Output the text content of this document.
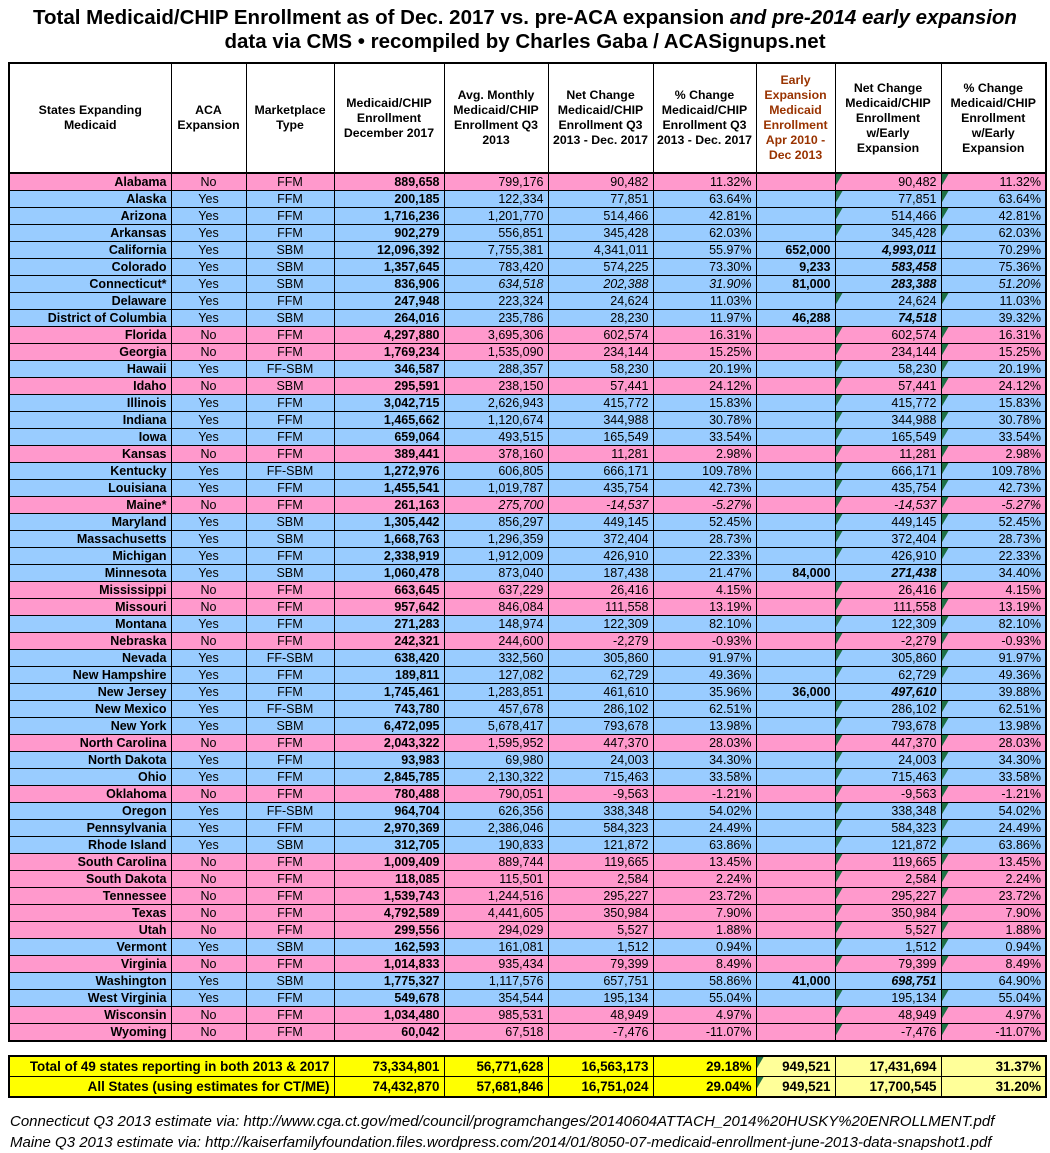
Total Medicaid/CHIP Enrollment as of Dec. 2017 vs. pre-ACA expansion and pre-2014 early expansion
data via CMS • recompiled by Charles Gaba / ACASignups.net
States Expanding Medicaid	ACA Expansion	Marketplace Type	Medicaid/CHIP Enrollment December 2017	Avg. Monthly Medicaid/CHIP Enrollment Q3 2013	Net Change Medicaid/CHIP Enrollment Q3 2013 - Dec. 2017	% Change Medicaid/CHIP Enrollment Q3 2013 - Dec. 2017	Early Expansion Medicaid Enrollment Apr 2010 - Dec 2013	Net Change Medicaid/CHIP Enrollment w/Early Expansion	% Change Medicaid/CHIP Enrollment w/Early Expansion
Alabama	No	FFM	889,658	799,176	90,482	11.32%		90,482	11.32%
Alaska	Yes	FFM	200,185	122,334	77,851	63.64%		77,851	63.64%
Arizona	Yes	FFM	1,716,236	1,201,770	514,466	42.81%		514,466	42.81%
Arkansas	Yes	FFM	902,279	556,851	345,428	62.03%		345,428	62.03%
California	Yes	SBM	12,096,392	7,755,381	4,341,011	55.97%	652,000	4,993,011	70.29%
Colorado	Yes	SBM	1,357,645	783,420	574,225	73.30%	9,233	583,458	75.36%
Connecticut*	Yes	SBM	836,906	634,518	202,388	31.90%	81,000	283,388	51.20%
Delaware	Yes	FFM	247,948	223,324	24,624	11.03%		24,624	11.03%
District of Columbia	Yes	SBM	264,016	235,786	28,230	11.97%	46,288	74,518	39.32%
Florida	No	FFM	4,297,880	3,695,306	602,574	16.31%		602,574	16.31%
Georgia	No	FFM	1,769,234	1,535,090	234,144	15.25%		234,144	15.25%
Hawaii	Yes	FF-SBM	346,587	288,357	58,230	20.19%		58,230	20.19%
Idaho	No	SBM	295,591	238,150	57,441	24.12%		57,441	24.12%
Illinois	Yes	FFM	3,042,715	2,626,943	415,772	15.83%		415,772	15.83%
Indiana	Yes	FFM	1,465,662	1,120,674	344,988	30.78%		344,988	30.78%
Iowa	Yes	FFM	659,064	493,515	165,549	33.54%		165,549	33.54%
Kansas	No	FFM	389,441	378,160	11,281	2.98%		11,281	2.98%
Kentucky	Yes	FF-SBM	1,272,976	606,805	666,171	109.78%		666,171	109.78%
Louisiana	Yes	FFM	1,455,541	1,019,787	435,754	42.73%		435,754	42.73%
Maine*	No	FFM	261,163	275,700	-14,537	-5.27%		-14,537	-5.27%
Maryland	Yes	SBM	1,305,442	856,297	449,145	52.45%		449,145	52.45%
Massachusetts	Yes	SBM	1,668,763	1,296,359	372,404	28.73%		372,404	28.73%
Michigan	Yes	FFM	2,338,919	1,912,009	426,910	22.33%		426,910	22.33%
Minnesota	Yes	SBM	1,060,478	873,040	187,438	21.47%	84,000	271,438	34.40%
Mississippi	No	FFM	663,645	637,229	26,416	4.15%		26,416	4.15%
Missouri	No	FFM	957,642	846,084	111,558	13.19%		111,558	13.19%
Montana	Yes	FFM	271,283	148,974	122,309	82.10%		122,309	82.10%
Nebraska	No	FFM	242,321	244,600	-2,279	-0.93%		-2,279	-0.93%
Nevada	Yes	FF-SBM	638,420	332,560	305,860	91.97%		305,860	91.97%
New Hampshire	Yes	FFM	189,811	127,082	62,729	49.36%		62,729	49.36%
New Jersey	Yes	FFM	1,745,461	1,283,851	461,610	35.96%	36,000	497,610	39.88%
New Mexico	Yes	FF-SBM	743,780	457,678	286,102	62.51%		286,102	62.51%
New York	Yes	SBM	6,472,095	5,678,417	793,678	13.98%		793,678	13.98%
North Carolina	No	FFM	2,043,322	1,595,952	447,370	28.03%		447,370	28.03%
North Dakota	Yes	FFM	93,983	69,980	24,003	34.30%		24,003	34.30%
Ohio	Yes	FFM	2,845,785	2,130,322	715,463	33.58%		715,463	33.58%
Oklahoma	No	FFM	780,488	790,051	-9,563	-1.21%		-9,563	-1.21%
Oregon	Yes	FF-SBM	964,704	626,356	338,348	54.02%		338,348	54.02%
Pennsylvania	Yes	FFM	2,970,369	2,386,046	584,323	24.49%		584,323	24.49%
Rhode Island	Yes	SBM	312,705	190,833	121,872	63.86%		121,872	63.86%
South Carolina	No	FFM	1,009,409	889,744	119,665	13.45%		119,665	13.45%
South Dakota	No	FFM	118,085	115,501	2,584	2.24%		2,584	2.24%
Tennessee	No	FFM	1,539,743	1,244,516	295,227	23.72%		295,227	23.72%
Texas	No	FFM	4,792,589	4,441,605	350,984	7.90%		350,984	7.90%
Utah	No	FFM	299,556	294,029	5,527	1.88%		5,527	1.88%
Vermont	Yes	SBM	162,593	161,081	1,512	0.94%		1,512	0.94%
Virginia	No	FFM	1,014,833	935,434	79,399	8.49%		79,399	8.49%
Washington	Yes	SBM	1,775,327	1,117,576	657,751	58.86%	41,000	698,751	64.90%
West Virginia	Yes	FFM	549,678	354,544	195,134	55.04%		195,134	55.04%
Wisconsin	No	FFM	1,034,480	985,531	48,949	4.97%		48,949	4.97%
Wyoming	No	FFM	60,042	67,518	-7,476	-11.07%		-7,476	-11.07%
Total of 49 states reporting in both 2013 & 2017	73,334,801	56,771,628	16,563,173	29.18%	949,521	17,431,694	31.37%
All States (using estimates for CT/ME)	74,432,870	57,681,846	16,751,024	29.04%	949,521	17,700,545	31.20%
Connecticut Q3 2013 estimate via: http://www.cga.ct.gov/med/council/programchanges/20140604ATTACH_2014%20HUSKY%20ENROLLMENT.pdf
Maine Q3 2013 estimate via: http://kaiserfamilyfoundation.files.wordpress.com/2014/01/8050-07-medicaid-enrollment-june-2013-data-snapshot1.pdf
